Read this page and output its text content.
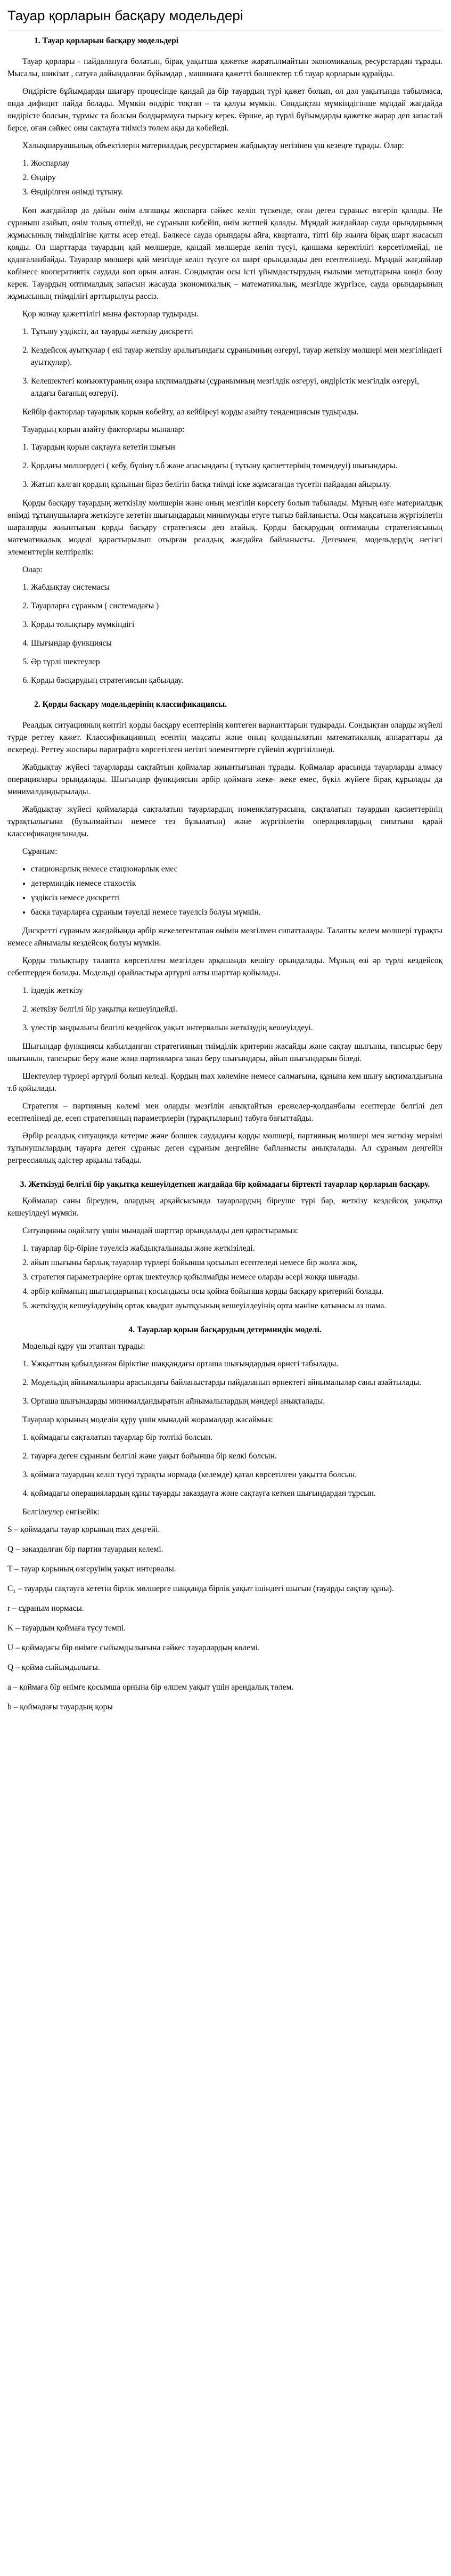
Тауар қорларын басқару модельдері
1. Тауар қорларын басқару модельдері

Тауар қорлары - пайдалануға болатын, бірақ уақытша қажетке жаратылмайтын экономикалық ресурстардан тұрады. Мысалы, шикізат , сатуға дайындалған бұйымдар , машинаға қажетті бөлшектер т.б тауар қорларын құрайды.

Өндірісте бұйымдарды шығару процесінде қандай да бір тауардың түрі қажет болып, ол дәл уақытында табылмаса, онда дифицит пайда болады. Мүмкін өндіріс тоқтап – та қалуы мүмкін. Сондықтан мүмкіндігінше мұндай жағдайда өндірісте болсын, тұрмыс та болсын болдырмауға тырысу керек. Өрине, әр түрлі бұйымдарды қажетке жарар деп запастай берсе, оған сәйкес оны сақтауға тиімсіз төлем ақы да көбейеді.

Халықшаруашылық объектілерін материалдық ресурстармен жабдықтау негізінен үш кезеңге тұрады. Олар:

1. Жоспарлау
2. Өндіру
3. Өндірілген өнімді тұтыну.

Көп жағдайлар да дайын өнім алғашқы жоспарға сәйкес келіп түскенде, оған деген сұраныс өзгеріп қалады. Не сұраныш азайып, өнім толық өтпейді, не сұраныш көбейіп, өнім жетпей қалады. Мұндай жағдайлар сауда орындарының жұмысының тиімділігіне қатты әсер етеді. Бәлкесе сауда орындары айға, кварталға, тіпті бір жылға бірақ шарт жасасып қояды. Ол шарттарда тауардың қай мөлшерде, қандай мөлшерде келіп түсуі, қаншама керектілігі көрсетілмейді, не қадағаланбайды. Тауарлар мөлшері қай мезгілде келіп түсуге ол шарт орындалады деп есептелінеді. Мұндай жағдайлар көбінесе кооперативтік саудада көп орын алған. Сондықтан осы істі ұйымдастырудың ғылыми методтарына көңіл бөлу керек. Тауардың оптималдық запасын жасауда экономикалық – математикалық, мезгілде жүргізсе, сауда орындарының жұмысының тиімділігі арттырылуы рассіз.

Қор жинау қажеттілігі мына факторлар тудырады.

1. Тұтыну уздіксіз, ал тауарды жеткізу дискретті
2. Кездейсоқ ауытқулар ( екі тауар жеткізу аралығындағы сұранымның өзгеруі, тауар жеткізу мөлшері мен мезгіліндегі ауытқулар).
3. Келешектегі конъюктураның өзара ықтималдығы (сұранымның мезгілдік өзгеруі, өндірістік мезгілдік өзгеруі, алдағы бағаның өзгеруі).

Кейбір факторлар тауарлық қорын көбейту, ал кейбіреуі қорды азайту тенденциясын тудырады.

Тауардың қорын азайту факторлары мыналар:

1. Тауардың қорын сақтауға кететін шығын
2. Қордағы мөлшердегі ( кебу, бүлінү т.б жане апасындағы ( тұтыну қасиеттерінің төмендеуі) шығындары.
3. Жатып қалған қордың құнының біраз белігін басқа тиімді іске жұмсағанда түсетін пайдадан айырылу.

Қорды басқару тауардың жеткізілу мөлшерін және оның мезгілін көрсету болып табылады. Мұның өзге материалдық өнімді тұтынушыларға жеткізуге кететін шығындардың минимумды етуге тығыз байланысты. Осы мақсатына жүргізілетін шараларды жиынтығын қорды басқару стратегиясы деп атайық. Қорды басқарудың оптималды стратегиясының математикалық моделі қарастырылып отырған реалдық жағдайға байланысты. Дегенмен, модельдердің негізгі элементтерін келтірелік:

Олар:

1. Жабдықтау системасы
2. Тауарларға сұраным ( системадағы )
3. Қорды толықтыру мүмкіндігі
4. Шығындар функциясы
5. Әр түрлі шектеулер
6. Қорды басқарудың стратегиясын қабылдау.
2. Қорды басқару модельдерінің классификациясы.

Реалдық ситуацияның көптігі қорды басқару есептерінің көптеген варианттарын тудырады. Сондықтан оларды жүйелі түрде реттеу қажет. Классификацияның есептің мақсаты және оның қолданылатын математикалық аппараттары да өскереді. Реттеу жоспары параграфта көрсетілген негізгі элементтерге сүйеніп жүргізілінеді.

Жабдықтау жүйесі тауарларды сақтайтын қоймалар жиынтығынан тұрады. Қоймалар арасында тауарларды алмасу операциялары орындалады. Шығындар функциясын әрбір қоймаға жеке- жеке емес, бүкіл жүйеге бірақ құрылады да минималдандырылады.

Жабдықтау жүйесі қоймаларда сақталатын тауарлардың номенклатурасына, сақталатын тауардың қасиеттерінің тұрақтылығына (бузылмайтын немесе тез бұзылатын) және жүргізілетін операциялардың сипатына қарай классификацияланады.

Сұраным:

• стационарлық немесе стационарлық емес
• детерминдік немесе стахостік
• үздіксіз немесе дискретті
• басқа тауарларға сұраным тәуелді немесе тәуелсіз болуы мүмкін.

Дискретті сұраным жағдайында әрбір жекелегентапан өнімін мезгілмен сипатталады. Талапты келем мөлшері тұрақты немесе айнымалы кездейсоқ болуы мүмкін.

Қорды толықтыру талапта көрсетілген мезгілден арқашанда кешігу орындалады. Мұның өзі әр түрлі кездейсоқ себептерден болады. Модельді орайластыра артүрлі алты шарттар қойылады.

1. іздедік жеткізу
2. жеткізу белгілі бір уақытқа кешеуілдейді.
3. үлестір заңдылығы белгілі кездейсоқ уақыт интервалын жеткізудің кешеуілдеуі.

Шығындар функциясы қабылданған стратегияның тиімділік критерин жасайды және сақтау шығыны, тапсырыс беру шығынын, тапсырыс беру және жаңа партияларға заказ беру шығындары, айып шығындарын біледі.

Шектеулер түрлері әртүрлі болып келеді. Қордың max көлеміне немесе салмағына, құнына кем шығу ықтималдығына т.б қойылады.

Стратегия – партияның көлемі мен оларды мезгілін анықтайтын ережелер-қолданбалы есептерде белгілі деп есептелінеді де, есеп стратегияның параметрлерін (тұрақтыларын) табуға бағыттайды.

Әрбір реалдық ситуацияда кетерме және бөлшек саудадағы қорды мөлшері, партияның мөлшері мен жеткізу мерзімі тұтынушылардың тауарға деген сұраныс деген сұраным деңгейіне байланысты анықталады. Ал сұраным деңгейін регрессиялық әдістер арқылы табады.

3. Жеткізуді белгілі бір уақытқа кешеуілдеткен жағдайда бір қоймадағы біртекті тауарлар қорларын басқару.

Қоймалар саны біреуден, олардың арқайсысында тауарлардың біреуше түрі бар, жеткізу кездейсоқ уақытқа кешеуілдеуі мүмкін.

Ситуацияны оңайлату үшін мынадай шарттар орындалады деп қарастырамыз:

1. тауарлар бір-біріне тәуелсіз жабдықталынады және жеткізіледі.
2. айып шығыны барлық тауарлар түрлері бойынша қосылып есептеледі немесе бір жолға жоқ.
3. стратегия параметрлеріне ортақ шектеулер қойылмайды немесе оларды әсері жоққа шығады.
4. әрбір қойманың шығындарының қосындысы осы қойма бойынша қорды басқару критерийі болады.
5. жеткізудің кешеуілдеуінің ортақ квадрат ауытқуының кешеуілдеуінің орта мәніне қатынасы аз шама.
4. Тауарлар қорын басқарудың детерминдік моделі.

Модельді құру үш этаптан тұрады:

1. Ұжқыттың қабылданған біріктіне шаққандағы орташа шығындардың өрнегі табылады.
2. Модельдің айнымалылары арасындағы байланыстарды пайдаланып өрнектегі айнымалылар саны азайтылады.
3. Орташа шығындарды минималдандыратын айнымалылардың мәндері анықталады.

Тауарлар қорының моделін құру үшін мынадай жорамалдар жасаймыз:

1. қоймадағы сақталатын тауарлар бір толтікі болсын.
2. тауарға деген сұраным белгілі және уақыт бойынша бір келкі болсын.
3. қоймаға тауардың келіп түсуі тұрақты нормада (келемде) қатал көрсетілген уақытта болсын.
4. қоймадағы операциялардың құны тауарды заказдауға және сақтауға кеткен шығындардан тұрсын.

Белгілеулер енгізейік:

S – қоймадағы тауар қорының max деңгейі.

Q – заказдалған бір партия тауардың келемі.

T – тауар қорының өзгеруінің уақыт интервалы.

C₁ – тауарды сақтауға кететін бірлік мөлшерге шаққанда бірлік уақыт ішіндегі шығын (тауарды сақтау құны).

r – сұраным нормасы.

K – тауардың қоймаға түсу темпі.

U – қоймадағы бір өнімге сыйымдылығына сәйкес тауарлардың көлемі.

Q – қойма сыйымдылығы.

a – қоймаға бір өнімге қосымша орнына бір өлшем уақыт үшін арендалық төлем.

b – қоймадағы тауардың қоры
